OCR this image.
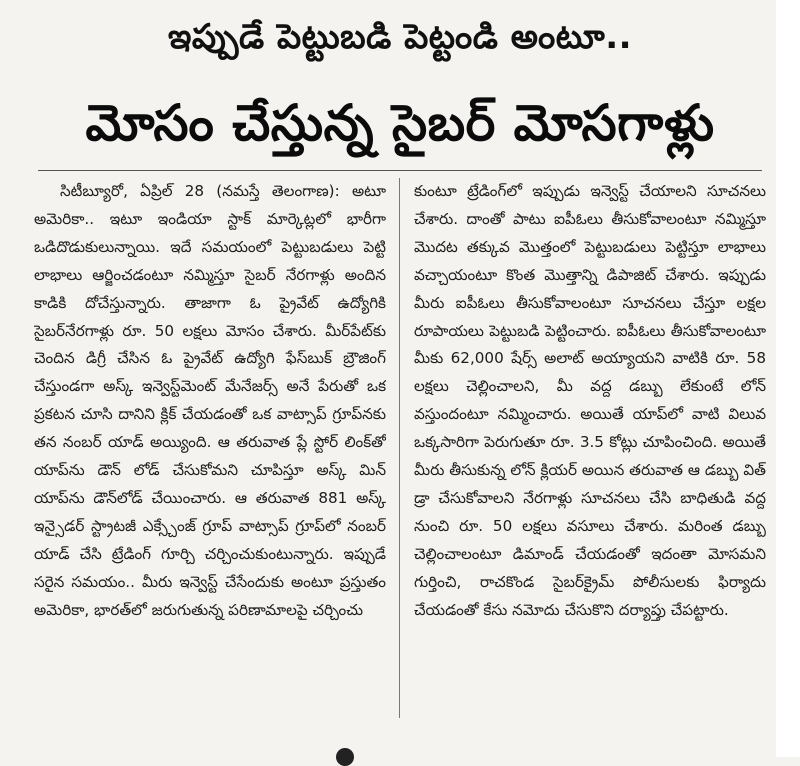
ఇప్పుడే పెట్టుబడి పెట్టండి అంటూ..
మోసం చేస్తున్న సైబర్ మోసగాళ్లు

సిటీబ్యూరో, ఏప్రిల్ 28 (నమస్తే తెలంగాణ): అటూ అమెరికా.. ఇటూ ఇండియా స్టాక్ మార్కెట్లలో భారీగా ఒడిదొడుకులున్నాయి. ఇదే సమయంలో పెట్టుబడులు పెట్టి లాభాలు ఆర్జించడంటూ నమ్మిస్తూ సైబర్ నేరగాళ్లు అందిన కాడికి దోచేస్తున్నారు. తాజాగా ఓ ప్రైవేట్ ఉద్యోగికి సైబర్‌నేరగాళ్లు రూ. 50 లక్షలు మోసం చేశారు. మీర్‌పేట్‌కు చెందిన డిగ్రీ చేసిన ఓ ప్రైవేట్ ఉద్యోగి ఫేస్‌బుక్ బ్రౌజింగ్ చేస్తుండగా అస్క్ ఇన్వెస్ట్‌మెంట్ మేనేజర్స్ అనే పేరుతో ఒక ప్రకటన చూసి దానిని క్లిక్ చేయడంతో ఒక వాట్సాప్ గ్రూప్‌నకు తన నంబర్ యాడ్ అయ్యింది. ఆ తరువాత ప్లే స్టోర్ లింక్‌తో యాప్‌ను డౌన్ లోడ్ చేసుకోమని చూపిస్తూ అస్క్ మిన్ యాప్‌ను డౌన్‌లోడ్ చేయించారు. ఆ తరువాత 881 అస్క్ ఇన్సైడర్ స్ట్రాటజీ ఎక్స్చేంజ్ గ్రూప్ వాట్సాప్ గ్రూప్‌లో నంబర్ యాడ్ చేసి ట్రేడింగ్ గూర్చి చర్చించుకుంటున్నారు. ఇప్పుడే సరైన సమయం.. మీరు ఇన్వెస్ట్ చేసేందుకు అంటూ ప్రస్తుతం అమెరికా, భారత్‌లో జరుగుతున్న పరిణామాలపై చర్చించు

కుంటూ ట్రేడింగ్‌లో ఇప్పుడు ఇన్వెస్ట్ చేయాలని సూచనలు చేశారు. దాంతో పాటు ఐపీఓలు తీసుకోవాలంటూ నమ్మిస్తూ మొదట తక్కువ మొత్తంలో పెట్టుబడులు పెట్టిస్తూ లాభాలు వచ్చాయంటూ కొంత మొత్తాన్ని డిపాజిట్ చేశారు. ఇప్పుడు మీరు ఐపీఓలు తీసుకోవాలంటూ సూచనలు చేస్తూ లక్షల రూపాయలు పెట్టుబడి పెట్టించారు. ఐపీఓలు తీసుకోవాలంటూ మీకు 62,000 షేర్స్ అలాట్ అయ్యాయని వాటికి రూ. 58 లక్షలు చెల్లించాలని, మీ వద్ద డబ్బు లేకుంటే లోన్ వస్తుందంటూ నమ్మించారు. అయితే యాప్‌లో వాటి విలువ ఒక్కసారిగా పెరుగుతూ రూ. 3.5 కోట్లు చూపించింది. అయితే మీరు తీసుకున్న లోన్ క్లియర్ అయిన తరువాత ఆ డబ్బు విత్ డ్రా చేసుకోవాలని నేరగాళ్లు సూచనలు చేసి బాధితుడి వద్ద నుంచి రూ. 50 లక్షలు వసూలు చేశారు. మరింత డబ్బు చెల్లించాలంటూ డిమాండ్ చేయడంతో ఇదంతా మోసమని గుర్తించి, రాచకొండ సైబర్‌క్రైమ్ పోలీసులకు ఫిర్యాదు చేయడంతో కేసు నమోదు చేసుకొని దర్యాప్తు చేపట్టారు.
